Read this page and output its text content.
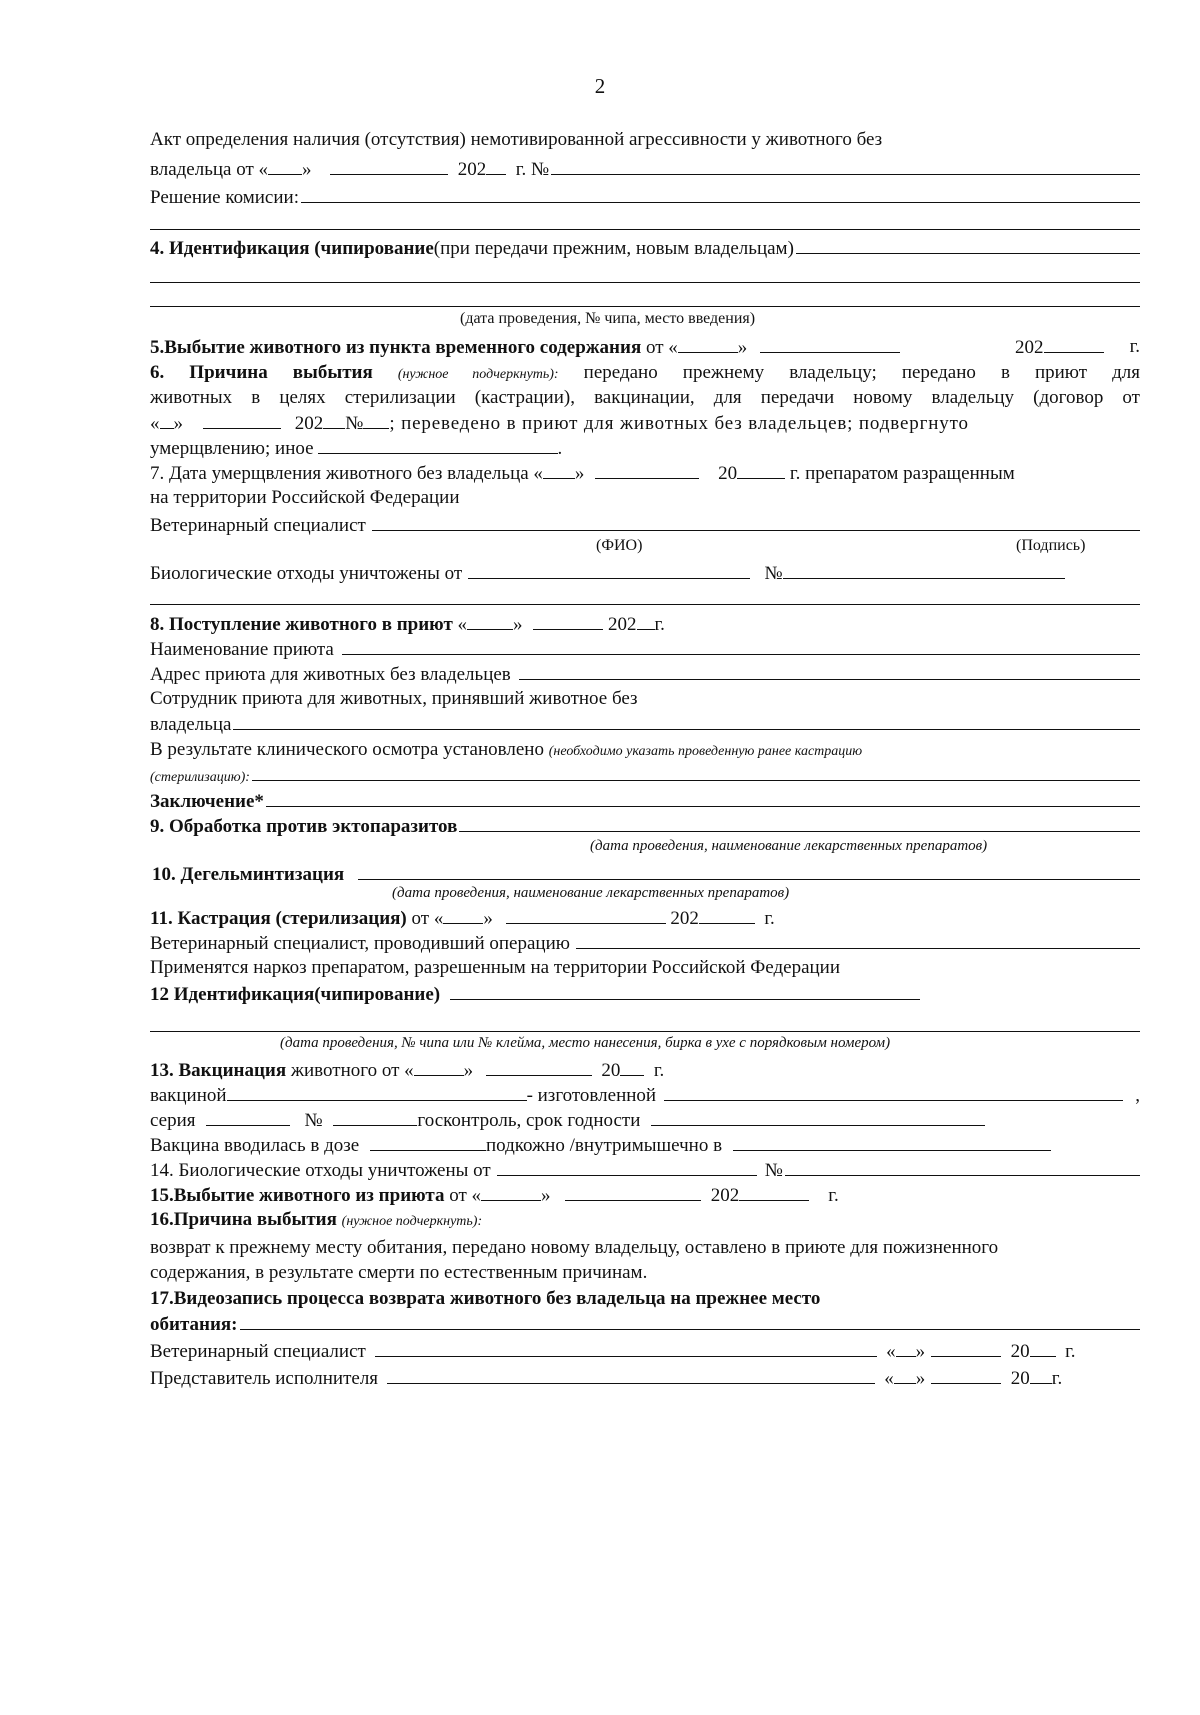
2
Акт определения наличия (отсутствия) немотивированной агрессивности у животного без
владельца от « »

	202
г. №
Решение комисии:
4. Идентификация (чипирование (при передачи прежним, новым владельцам)
(дата проведения, № чипа, место введения)
5.Выбытие животного из пункта временного содержания от «	»	202	г.
6. Причина выбытия (нужное подчеркнуть): передано прежнему владельцу; передано в приют для
животных в целях стерилизации (кастрации), вакцинации, для передачи новому владельцу (договор от
« »	202 № ; переведено в приют для животных без владельцев; подвергнуто
умерщвлению; иное	.
7. Дата умерщвления животного без владельца « »	20	г. препаратом разращенным
на территории Российской Федерации
Ветеринарный специалист
(ФИО)	(Подпись)
Биологические отходы уничтожены от	№
8. Поступление животного в приют « »	202 г.
Наименование приюта
Адрес приюта для животных без владельцев
Сотрудник приюта для животных, принявший животное без
владельца
В результате клинического осмотра установлено (необходимо указать проведенную ранее кастрацию
(стерилизацию):
Заключение*
9. Обработка против эктопаразитов
(дата проведения, наименование лекарственных препаратов)
10. Дегельминтизация
(дата проведения, наименование лекарственных препаратов)
11. Кастрация (стерилизация) от « »	202	г.
Ветеринарный специалист, проводивший операцию
Применятся наркоз препаратом, разрешенным на территории Российской Федерации
12 Идентификация(чипирование)
(дата проведения, № чипа или № клейма, место нанесения, бирка в ухе с порядковым номером)
13. Вакцинация животного от «	»	20 г.
вакциной	- изготовленной	,
серия	№	госконтроль, срок годности
Вакцина вводилась в дозе	подкожно /внутримышечно в
14. Биологические отходы уничтожены от	№
15.Выбытие животного из приюта от «	»	202	г.
16.Причина выбытия (нужное подчеркнуть):
возврат к прежнему месту обитания, передано новому владельцу, оставлено в приюте для пожизненного
содержания, в результате смерти по естественным причинам.
17.Видеозапись процесса возврата животного без владельца на прежнее место
обитания:
Ветеринарный специалист	« »	20 г.
Представитель исполнителя	« »	20 г.
